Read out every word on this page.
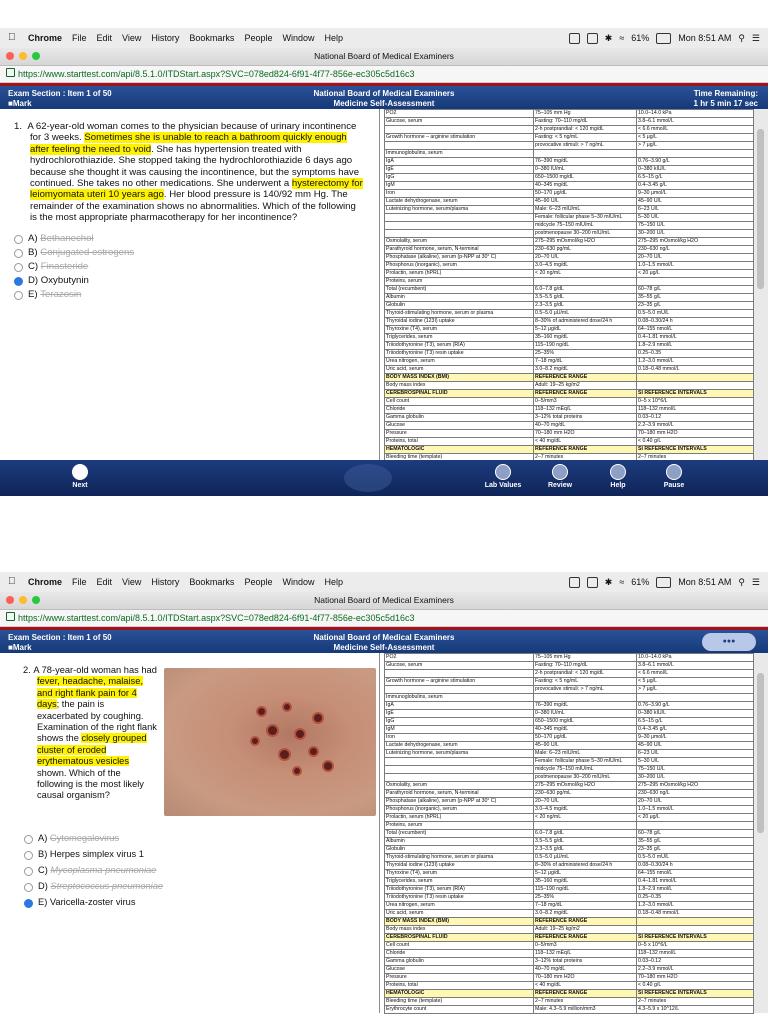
Chrome File Edit View History Bookmarks People Window Help	✱ ≈ 61%	Mon 8:51 AM ⚲ ☰
National Board of Medical Examiners
https://www.starttest.com/api/8.5.1.0/ITDStart.aspx?SVC=078ed824-6f91-4f77-856e-ec305c5d16c3
Exam Section : Item 1 of 50
■Mark
National Board of Medical Examiners
Medicine Self-Assessment
Time Remaining:
1 hr 5 min 17 sec

1. A 62-year-old woman comes to the physician because of urinary incontinence for 3 weeks. Sometimes she is unable to reach a bathroom quickly enough after feeling the need to void. She has hypertension treated with hydrochlorothiazide. She stopped taking the hydrochlorothiazide 6 days ago because she thought it was causing the incontinence, but the symptoms have continued. She takes no other medications. She underwent a hysterectomy for leiomyomata uteri 10 years ago. Her blood pressure is 140/92 mm Hg. The remainder of the examination shows no abnormalities. Which of the following is the most appropriate pharmacotherapy for her incontinence?

A)
Bethanechol
B)
Conjugated estrogens
C)
Finasteride
D)
Oxybutynin
E)
Terazosin
PO2	75–105 mm Hg	10.0–14.0 kPa
Glucose, serum	Fasting: 70–110 mg/dL	3.8–6.1 mmol/L
	2-h postprandial: < 120 mg/dL	< 6.6 mmol/L
Growth hormone – arginine stimulation	Fasting: < 5 ng/mL	< 5 μg/L
	provocative stimuli: > 7 ng/mL	> 7 μg/L
Immunoglobulins, serum		
IgA	76–390 mg/dL	0.76–3.90 g/L
IgE	0–380 IU/mL	0–380 kIU/L
IgG	650–1500 mg/dL	6.5–15 g/L
IgM	40–345 mg/dL	0.4–3.45 g/L
Iron	50–170 μg/dL	9–30 μmol/L
Lactate dehydrogenase, serum	45–90 U/L	45–90 U/L
Luteinizing hormone, serum/plasma	Male: 6–23 mIU/mL	6–23 U/L
	Female: follicular phase 5–30 mIU/mL	5–30 U/L
	midcycle 75–150 mIU/mL	75–150 U/L
	postmenopause 30–200 mIU/mL	30–200 U/L
Osmolality, serum	275–295 mOsmol/kg H2O	275–295 mOsmol/kg H2O
Parathyroid hormone, serum, N-terminal	230–630 pg/mL	230–630 ng/L
Phosphatase (alkaline), serum (p-NPP at 30° C)	20–70 U/L	20–70 U/L
Phosphorus (inorganic), serum	3.0–4.5 mg/dL	1.0–1.5 mmol/L
Prolactin, serum (hPRL)	< 20 ng/mL	< 20 μg/L
Proteins, serum		
Total (recumbent)	6.0–7.8 g/dL	60–78 g/L
Albumin	3.5–5.5 g/dL	35–55 g/L
Globulin	2.3–3.5 g/dL	23–35 g/L
Thyroid-stimulating hormone, serum or plasma	0.5–5.0 μU/mL	0.5–5.0 mU/L
Thyroidal iodine (123I) uptake	8–30% of administered dose/24 h	0.08–0.30/24 h
Thyroxine (T4), serum	5–12 μg/dL	64–155 nmol/L
Triglycerides, serum	35–160 mg/dL	0.4–1.81 mmol/L
Triiodothyronine (T3), serum (RIA)	115–190 ng/dL	1.8–2.9 nmol/L
Triiodothyronine (T3) resin uptake	25–35%	0.25–0.35
Urea nitrogen, serum	7–18 mg/dL	1.2–3.0 mmol/L
Uric acid, serum	3.0–8.2 mg/dL	0.18–0.48 mmol/L
BODY MASS INDEX (BMI)	REFERENCE RANGE	
Body mass index	Adult: 19–25 kg/m2	
CEREBROSPINAL FLUID	REFERENCE RANGE	SI REFERENCE INTERVALS
Cell count	0–5/mm3	0–5 x 10^6/L
Chloride	118–132 mEq/L	118–132 mmol/L
Gamma globulin	3–12% total proteins	0.03–0.12
Glucose	40–70 mg/dL	2.2–3.9 mmol/L
Pressure	70–180 mm H2O	70–180 mm H2O
Proteins, total	< 40 mg/dL	< 0.40 g/L
HEMATOLOGIC	REFERENCE RANGE	SI REFERENCE INTERVALS
Bleeding time (template)	2–7 minutes	2–7 minutes

Next	Lab Values	Review	Help	Pause
Chrome File Edit View History Bookmarks People Window Help	✱ ≈ 61%	Mon 8:51 AM ⚲ ☰
National Board of Medical Examiners
https://www.starttest.com/api/8.5.1.0/ITDStart.aspx?SVC=078ed824-6f91-4f77-856e-ec305c5d16c3
Exam Section : Item 1 of 50
■Mark
National Board of Medical Examiners
Medicine Self-Assessment
●●●

2. A 78-year-old woman has had fever, headache, malaise, and right flank pain for 4 days; the pain is exacerbated by coughing. Examination of the right flank shows the closely grouped cluster of eroded erythematous vesicles shown. Which of the following is the most likely causal organism?

A)
Cytomegalovirus
B)
Herpes simplex virus 1
C)
Mycoplasma pneumoniae
D)
Streptococcus pneumoniae
E)
Varicella-zoster virus
PO2	75–105 mm Hg	10.0–14.0 kPa
Glucose, serum	Fasting: 70–110 mg/dL	3.8–6.1 mmol/L
	2-h postprandial: < 120 mg/dL	< 6.6 mmol/L
Growth hormone – arginine stimulation	Fasting: < 5 ng/mL	< 5 μg/L
	provocative stimuli: > 7 ng/mL	> 7 μg/L
Immunoglobulins, serum		
IgA	76–390 mg/dL	0.76–3.90 g/L
IgE	0–380 IU/mL	0–380 kIU/L
IgG	650–1500 mg/dL	6.5–15 g/L
IgM	40–345 mg/dL	0.4–3.45 g/L
Iron	50–170 μg/dL	9–30 μmol/L
Lactate dehydrogenase, serum	45–90 U/L	45–90 U/L
Luteinizing hormone, serum/plasma	Male: 6–23 mIU/mL	6–23 U/L
	Female: follicular phase 5–30 mIU/mL	5–30 U/L
	midcycle 75–150 mIU/mL	75–150 U/L
	postmenopause 30–200 mIU/mL	30–200 U/L
Osmolality, serum	275–295 mOsmol/kg H2O	275–295 mOsmol/kg H2O
Parathyroid hormone, serum, N-terminal	230–630 pg/mL	230–630 ng/L
Phosphatase (alkaline), serum (p-NPP at 30° C)	20–70 U/L	20–70 U/L
Phosphorus (inorganic), serum	3.0–4.5 mg/dL	1.0–1.5 mmol/L
Prolactin, serum (hPRL)	< 20 ng/mL	< 20 μg/L
Proteins, serum		
Total (recumbent)	6.0–7.8 g/dL	60–78 g/L
Albumin	3.5–5.5 g/dL	35–55 g/L
Globulin	2.3–3.5 g/dL	23–35 g/L
Thyroid-stimulating hormone, serum or plasma	0.5–5.0 μU/mL	0.5–5.0 mU/L
Thyroidal iodine (123I) uptake	8–30% of administered dose/24 h	0.08–0.30/24 h
Thyroxine (T4), serum	5–12 μg/dL	64–155 nmol/L
Triglycerides, serum	35–160 mg/dL	0.4–1.81 mmol/L
Triiodothyronine (T3), serum (RIA)	115–190 ng/dL	1.8–2.9 nmol/L
Triiodothyronine (T3) resin uptake	25–35%	0.25–0.35
Urea nitrogen, serum	7–18 mg/dL	1.2–3.0 mmol/L
Uric acid, serum	3.0–8.2 mg/dL	0.18–0.48 mmol/L
BODY MASS INDEX (BMI)	REFERENCE RANGE	
Body mass index	Adult: 19–25 kg/m2	
CEREBROSPINAL FLUID	REFERENCE RANGE	SI REFERENCE INTERVALS
Cell count	0–5/mm3	0–5 x 10^6/L
Chloride	118–132 mEq/L	118–132 mmol/L
Gamma globulin	3–12% total proteins	0.03–0.12
Glucose	40–70 mg/dL	2.2–3.9 mmol/L
Pressure	70–180 mm H2O	70–180 mm H2O
Proteins, total	< 40 mg/dL	< 0.40 g/L
HEMATOLOGIC	REFERENCE RANGE	SI REFERENCE INTERVALS
Bleeding time (template)	2–7 minutes	2–7 minutes
Erythrocyte count	Male: 4.3–5.9 million/mm3	4.3–5.9 x 10^12/L
